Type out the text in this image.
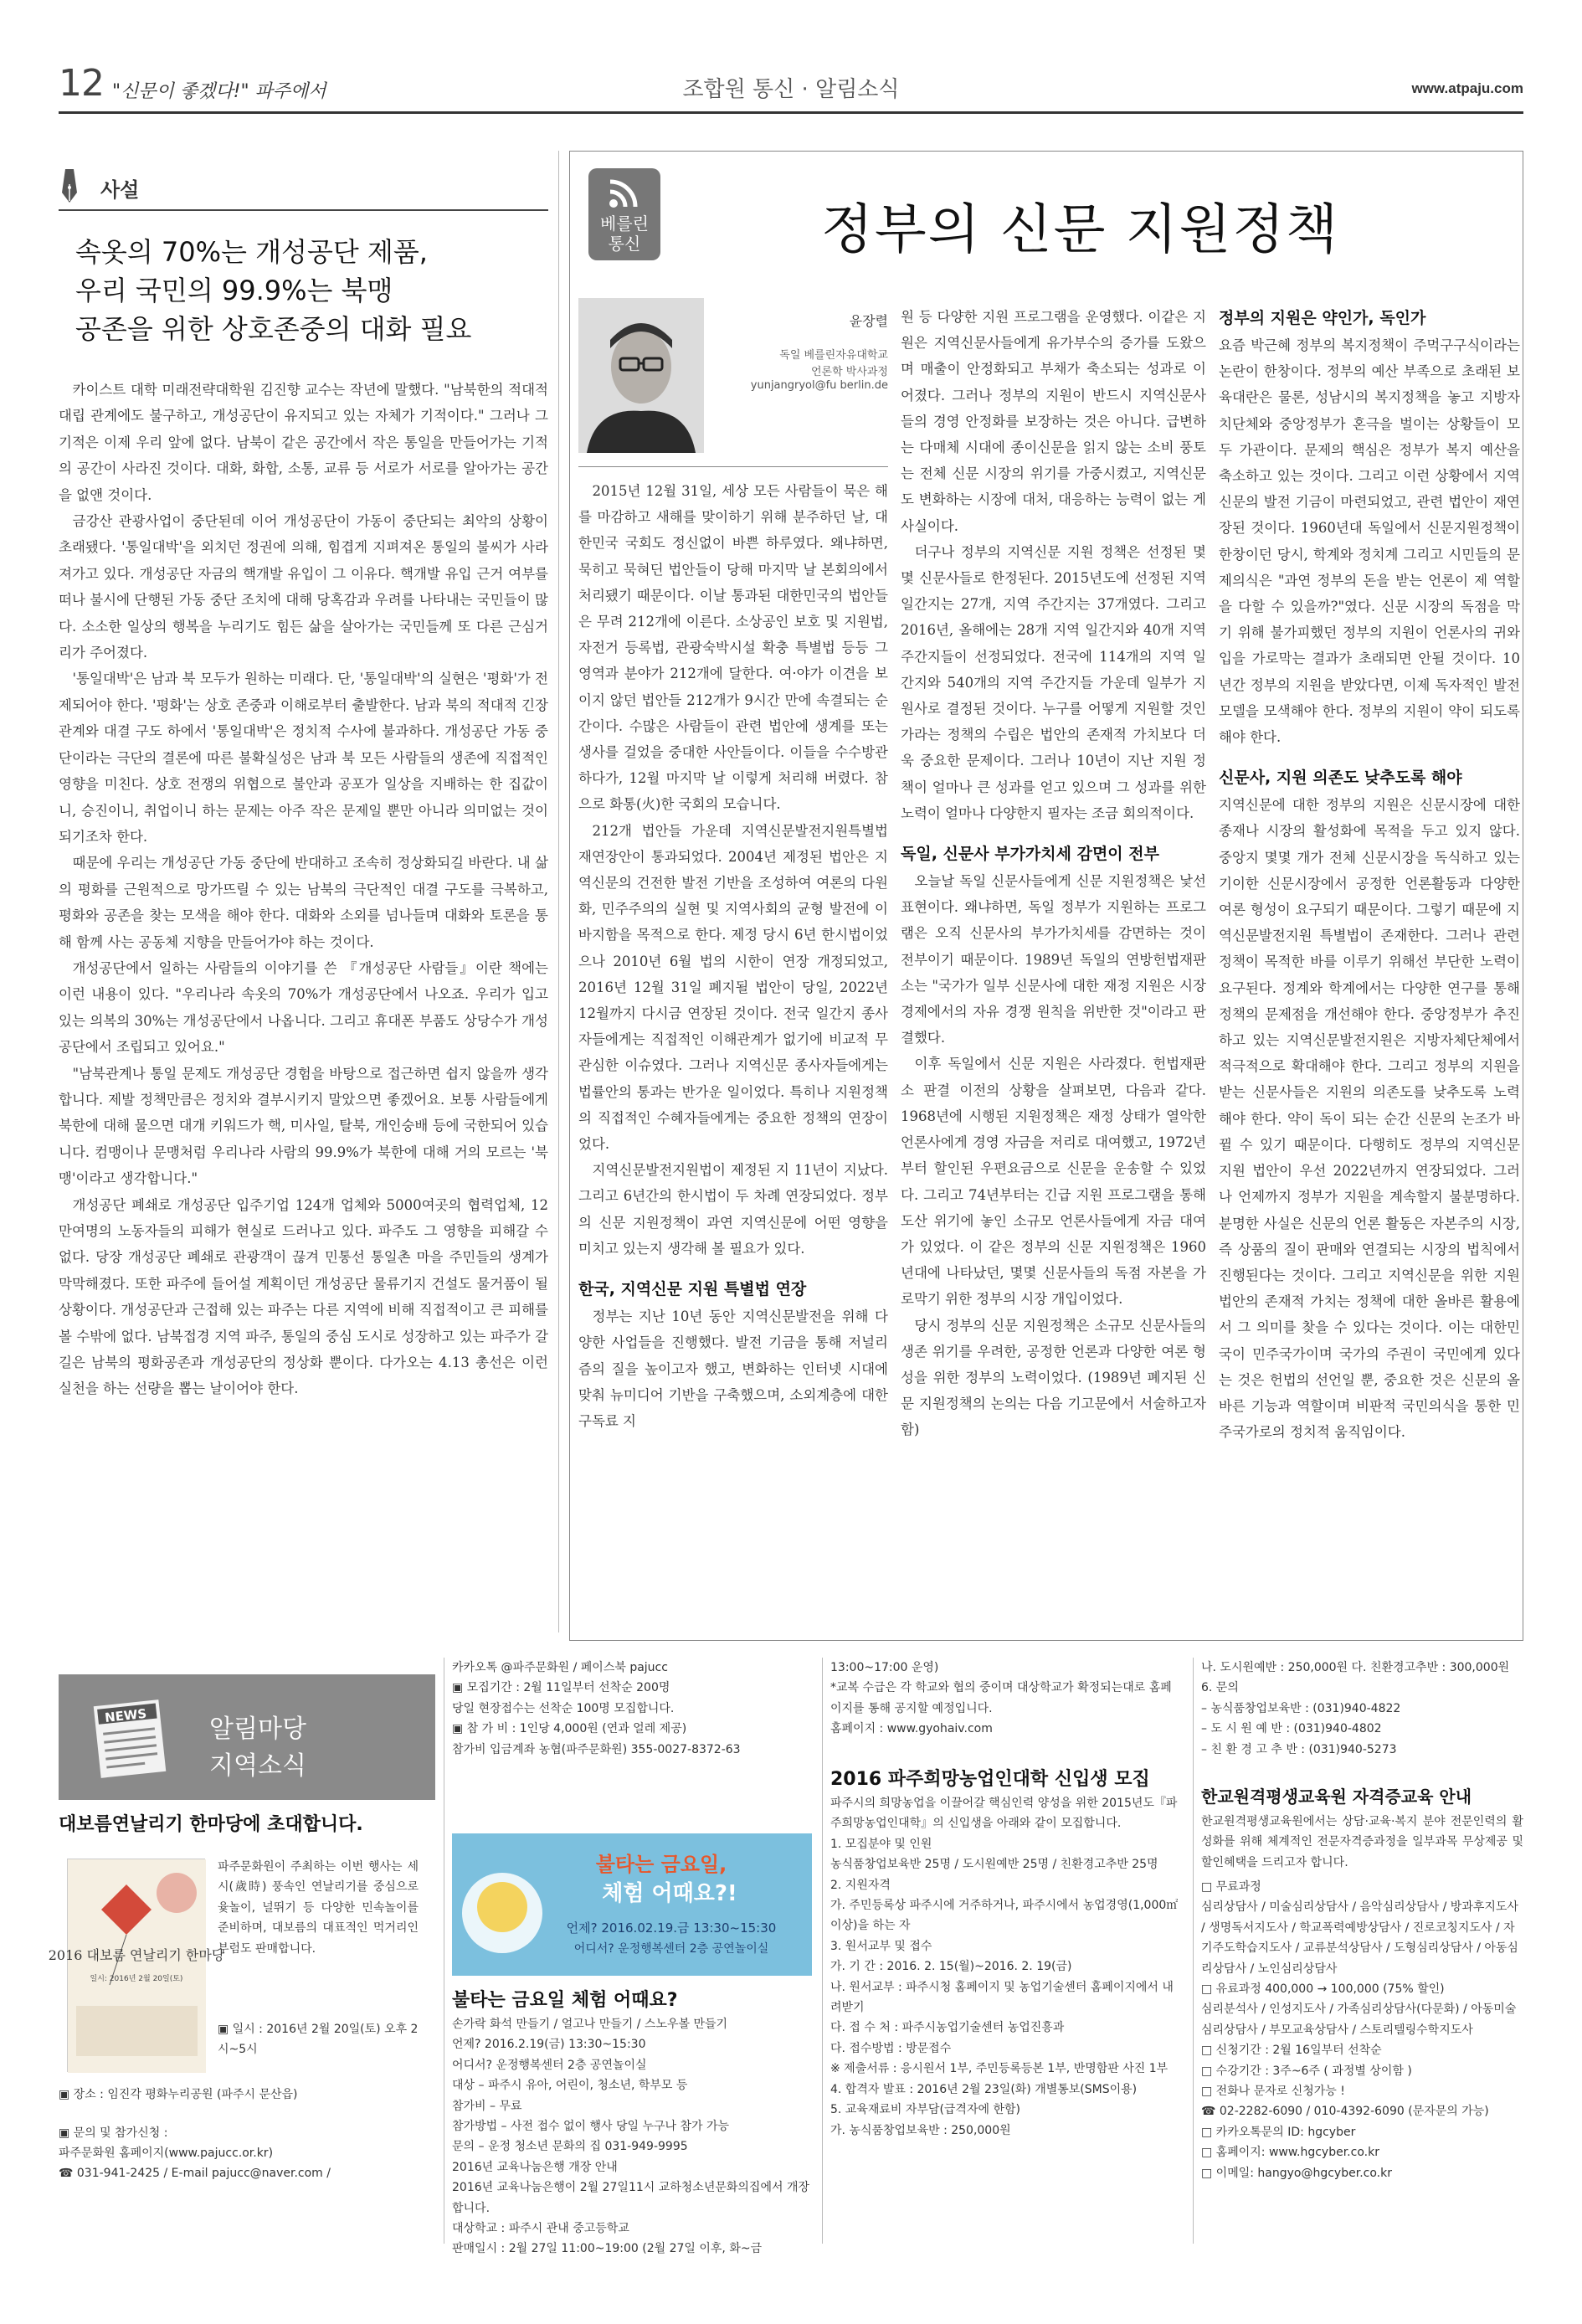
12 "신문이 좋겠다!" 파주에서	조합원 통신 · 알림소식	www.atpaju.com
사설
속옷의 70%는 개성공단 제품,
우리 국민의 99.9%는 북맹
공존을 위한 상호존중의 대화 필요

카이스트 대학 미래전략대학원 김진향 교수는 작년에 말했다. "남북한의 적대적 대립 관계에도 불구하고, 개성공단이 유지되고 있는 자체가 기적이다." 그러나 그 기적은 이제 우리 앞에 없다. 남북이 같은 공간에서 작은 통일을 만들어가는 기적의 공간이 사라진 것이다. 대화, 화합, 소통, 교류 등 서로가 서로를 알아가는 공간을 없앤 것이다.

금강산 관광사업이 중단된데 이어 개성공단이 가동이 중단되는 최악의 상황이 초래됐다. '통일대박'을 외치던 정권에 의해, 힘겹게 지펴져온 통일의 불씨가 사라져가고 있다. 개성공단 자금의 핵개발 유입이 그 이유다. 핵개발 유입 근거 여부를 떠나 불시에 단행된 가동 중단 조치에 대해 당혹감과 우려를 나타내는 국민들이 많다. 소소한 일상의 행복을 누리기도 힘든 삶을 살아가는 국민들께 또 다른 근심거리가 주어졌다.

'통일대박'은 남과 북 모두가 원하는 미래다. 단, '통일대박'의 실현은 '평화'가 전제되어야 한다. '평화'는 상호 존중과 이해로부터 출발한다. 남과 북의 적대적 긴장 관계와 대결 구도 하에서 '통일대박'은 정치적 수사에 불과하다. 개성공단 가동 중단이라는 극단의 결론에 따른 불확실성은 남과 북 모든 사람들의 생존에 직접적인 영향을 미친다. 상호 전쟁의 위협으로 불안과 공포가 일상을 지배하는 한 집값이니, 승진이니, 취업이니 하는 문제는 아주 작은 문제일 뿐만 아니라 의미없는 것이 되기조차 한다.

때문에 우리는 개성공단 가동 중단에 반대하고 조속히 정상화되길 바란다. 내 삶의 평화를 근원적으로 망가뜨릴 수 있는 남북의 극단적인 대결 구도를 극복하고, 평화와 공존을 찾는 모색을 해야 한다. 대화와 소외를 넘나들며 대화와 토론을 통해 함께 사는 공동체 지향을 만들어가야 하는 것이다.

개성공단에서 일하는 사람들의 이야기를 쓴 『개성공단 사람들』이란 책에는 이런 내용이 있다. "우리나라 속옷의 70%가 개성공단에서 나오죠. 우리가 입고 있는 의복의 30%는 개성공단에서 나옵니다. 그리고 휴대폰 부품도 상당수가 개성공단에서 조립되고 있어요."

"남북관계나 통일 문제도 개성공단 경험을 바탕으로 접근하면 쉽지 않을까 생각합니다. 제발 정책만큼은 정치와 결부시키지 말았으면 좋겠어요. 보통 사람들에게 북한에 대해 물으면 대개 키워드가 핵, 미사일, 탈북, 개인숭배 등에 국한되어 있습니다. 컴맹이나 문맹처럼 우리나라 사람의 99.9%가 북한에 대해 거의 모르는 '북맹'이라고 생각합니다."

개성공단 폐쇄로 개성공단 입주기업 124개 업체와 5000여곳의 협력업체, 12만여명의 노동자들의 피해가 현실로 드러나고 있다. 파주도 그 영향을 피해갈 수 없다. 당장 개성공단 폐쇄로 관광객이 끊겨 민통선 통일촌 마을 주민들의 생계가 막막해졌다. 또한 파주에 들어설 계획이던 개성공단 물류기지 건설도 물거품이 될 상황이다. 개성공단과 근접해 있는 파주는 다른 지역에 비해 직접적이고 큰 피해를 볼 수밖에 없다. 남북접경 지역 파주, 통일의 중심 도시로 성장하고 있는 파주가 갈 길은 남북의 평화공존과 개성공단의 정상화 뿐이다. 다가오는 4.13 총선은 이런 실천을 하는 선량을 뽑는 날이어야 한다.

베를린
통신	정부의 신문 지원정책
윤장렬
독일 베를린자유대학교
언론학 박사과정
yunjangryol@fu berlin.de

2015년 12월 31일, 세상 모든 사람들이 묵은 해를 마감하고 새해를 맞이하기 위해 분주하던 날, 대한민국 국회도 정신없이 바쁜 하루였다. 왜냐하면, 묵히고 묵혀딘 법안들이 당해 마지막 날 본회의에서 처리됐기 때문이다. 이날 통과된 대한민국의 법안들은 무려 212개에 이른다. 소상공인 보호 및 지원법, 자전거 등록법, 관광숙박시설 확충 특별법 등등 그 영역과 분야가 212개에 달한다. 여·야가 이견을 보이지 않던 법안들 212개가 9시간 만에 속결되는 순간이다. 수많은 사람들이 관련 법안에 생계를 또는 생사를 걸었을 중대한 사안들이다. 이들을 수수방관하다가, 12월 마지막 날 이렇게 처리해 버렸다. 참으로 화통(火)한 국회의 모습니다.

212개 법안들 가운데 지역신문발전지원특별법 재연장안이 통과되었다. 2004년 제정된 법안은 지역신문의 건전한 발전 기반을 조성하여 여론의 다원화, 민주주의의 실현 및 지역사회의 균형 발전에 이바지함을 목적으로 한다. 제정 당시 6년 한시법이었으나 2010년 6월 법의 시한이 연장 개정되었고, 2016년 12월 31일 폐지될 법안이 당일, 2022년 12월까지 다시금 연장된 것이다. 전국 일간지 종사자들에게는 직접적인 이해관계가 없기에 비교적 무관심한 이슈였다. 그러나 지역신문 종사자들에게는 법률안의 통과는 반가운 일이었다. 특히나 지원정책의 직접적인 수혜자들에게는 중요한 정책의 연장이었다.

지역신문발전지원법이 제정된 지 11년이 지났다. 그리고 6년간의 한시법이 두 차례 연장되었다. 정부의 신문 지원정책이 과연 지역신문에 어떤 영향을 미치고 있는지 생각해 볼 필요가 있다.

한국, 지역신문 지원 특별법 연장

정부는 지난 10년 동안 지역신문발전을 위해 다양한 사업들을 진행했다. 발전 기금을 통해 저널리즘의 질을 높이고자 했고, 변화하는 인터넷 시대에 맞춰 뉴미디어 기반을 구축했으며, 소외계층에 대한 구독료 지

원 등 다양한 지원 프로그램을 운영했다. 이같은 지원은 지역신문사들에게 유가부수의 증가를 도왔으며 매출이 안정화되고 부채가 축소되는 성과로 이어졌다. 그러나 정부의 지원이 반드시 지역신문사들의 경영 안정화를 보장하는 것은 아니다. 급변하는 다매체 시대에 종이신문을 읽지 않는 소비 풍토는 전체 신문 시장의 위기를 가중시켰고, 지역신문도 변화하는 시장에 대처, 대응하는 능력이 없는 게 사실이다.

더구나 정부의 지역신문 지원 정책은 선정된 몇몇 신문사들로 한정된다. 2015년도에 선정된 지역 일간지는 27개, 지역 주간지는 37개였다. 그리고 2016년, 올해에는 28개 지역 일간지와 40개 지역 주간지들이 선정되었다. 전국에 114개의 지역 일간지와 540개의 지역 주간지들 가운데 일부가 지원사로 결정된 것이다. 누구를 어떻게 지원할 것인가라는 정책의 수립은 법안의 존재적 가치보다 더욱 중요한 문제이다. 그러나 10년이 지난 지원 정책이 얼마나 큰 성과를 얻고 있으며 그 성과를 위한 노력이 얼마나 다양한지 필자는 조금 회의적이다.

독일, 신문사 부가가치세 감면이 전부

오늘날 독일 신문사들에게 신문 지원정책은 낯선 표현이다. 왜냐하면, 독일 정부가 지원하는 프로그램은 오직 신문사의 부가가치세를 감면하는 것이 전부이기 때문이다. 1989년 독일의 연방헌법재판소는 "국가가 일부 신문사에 대한 재정 지원은 시장 경제에서의 자유 경쟁 원칙을 위반한 것"이라고 판결했다.

이후 독일에서 신문 지원은 사라졌다. 헌법재판소 판결 이전의 상황을 살펴보면, 다음과 같다. 1968년에 시행된 지원정책은 재정 상태가 열악한 언론사에게 경영 자금을 저리로 대여했고, 1972년부터 할인된 우편요금으로 신문을 운송할 수 있었다. 그리고 74년부터는 긴급 지원 프로그램을 통해 도산 위기에 놓인 소규모 언론사들에게 자금 대여가 있었다. 이 같은 정부의 신문 지원정책은 1960년대에 나타났던, 몇몇 신문사들의 독점 자본을 가로막기 위한 정부의 시장 개입이었다.

당시 정부의 신문 지원정책은 소규모 신문사들의 생존 위기를 우려한, 공정한 언론과 다양한 여론 형성을 위한 정부의 노력이었다. (1989년 폐지된 신문 지원정책의 논의는 다음 기고문에서 서술하고자 함)

정부의 지원은 약인가, 독인가

요즘 박근혜 정부의 복지정책이 주먹구구식이라는 논란이 한창이다. 정부의 예산 부족으로 초래된 보육대란은 물론, 성남시의 복지정책을 놓고 지방자치단체와 중앙정부가 혼극을 벌이는 상황들이 모두 가관이다. 문제의 핵심은 정부가 복지 예산을 축소하고 있는 것이다. 그리고 이런 상황에서 지역신문의 발전 기금이 마련되었고, 관련 법안이 재연장된 것이다. 1960년대 독일에서 신문지원정책이 한창이던 당시, 학계와 정치계 그리고 시민들의 문제의식은 "과연 정부의 돈을 받는 언론이 제 역할을 다할 수 있을까?"였다. 신문 시장의 독점을 막기 위해 불가피했던 정부의 지원이 언론사의 귀와 입을 가로막는 결과가 초래되면 안될 것이다. 10년간 정부의 지원을 받았다면, 이제 독자적인 발전 모델을 모색해야 한다. 정부의 지원이 약이 되도록 해야 한다.

신문사, 지원 의존도 낮추도록 해야

지역신문에 대한 정부의 지원은 신문시장에 대한 종재나 시장의 활성화에 목적을 두고 있지 않다. 중앙지 몇몇 개가 전체 신문시장을 독식하고 있는 기이한 신문시장에서 공정한 언론활동과 다양한 여론 형성이 요구되기 때문이다. 그렇기 때문에 지역신문발전지원 특별법이 존재한다. 그러나 관련 정책이 목적한 바를 이루기 위해선 부단한 노력이 요구된다. 정계와 학계에서는 다양한 연구를 통해 정책의 문제점을 개선해야 한다. 중앙정부가 추진하고 있는 지역신문발전지원은 지방자체단체에서 적극적으로 확대해야 한다. 그리고 정부의 지원을 받는 신문사들은 지원의 의존도를 낮추도록 노력해야 한다. 약이 독이 되는 순간 신문의 논조가 바뀔 수 있기 때문이다. 다행히도 정부의 지역신문 지원 법안이 우선 2022년까지 연장되었다. 그러나 언제까지 정부가 지원을 계속할지 불분명하다. 분명한 사실은 신문의 언론 활동은 자본주의 시장, 즉 상품의 질이 판매와 연결되는 시장의 법칙에서 진행된다는 것이다. 그리고 지역신문을 위한 지원 법안의 존재적 가치는 정책에 대한 올바른 활용에서 그 의미를 찾을 수 있다는 것이다. 이는 대한민국이 민주국가이며 국가의 주권이 국민에게 있다는 것은 헌법의 선언일 뿐, 중요한 것은 신문의 올바른 기능과 역할이며 비판적 국민의식을 통한 민주국가로의 정치적 움직임이다.

NEWS 알림마당
지역소식
대보름연날리기 한마당에 초대합니다.
2016 대보름 연날리기 한마당
일시: 2016년 2월 20일(토)
파주문화원이 주최하는 이번 행사는 세시(歲時) 풍속인 연날리기를 중심으로 윷놀이, 널뛰기 등 다양한 민속놀이를 준비하며, 대보름의 대표적인 먹거리인 부럼도 판매합니다.
▣ 일시 : 2016년 2월 20일(토) 오후 2시~5시
▣ 장소 : 임진각 평화누리공원 (파주시 문산읍)
▣ 문의 및 참가신청 :
파주문화원 홈페이지(www.pajucc.or.kr)
☎ 031-941-2425 / E-mail pajucc@naver.com /
카카오톡 @파주문화원 / 페이스북 pajucc
▣ 모집기간 : 2월 11일부터 선착순 200명
당일 현장접수는 선착순 100명 모집합니다.
▣ 참 가 비 : 1인당 4,000원 (연과 얼레 제공)
참가비 입금계좌 농협(파주문화원) 355-0027-8372-63
불타는 금요일,
체험 어때요?!
언제? 2016.02.19.금 13:30~15:30
어디서? 운정행복센터 2층 공연놀이실
불타는 금요일 체험 어때요?
손가락 화석 만들기 / 얼고나 만들기 / 스노우볼 만들기
언제? 2016.2.19(금) 13:30~15:30
어디서? 운정행복센터 2층 공연놀이실
대상 – 파주시 유아, 어린이, 청소년, 학부모 등
참가비 – 무료
참가방법 – 사전 접수 없이 행사 당일 누구나 참가 가능
문의 – 운정 청소년 문화의 집 031-949-9995
2016년 교육나눔은행 개장 안내
2016년 교육나눔은행이 2월 27일11시 교하청소년문화의집에서 개장합니다.
대상학교 : 파주시 관내 중고등학교
판매일시 : 2월 27일 11:00~19:00 (2월 27일 이후, 화~금
13:00~17:00 운영)
*교복 수급은 각 학교와 협의 중이며 대상학교가 확정되는대로 홈페이지를 통해 공지할 예정입니다.
홈페이지 : www.gyohaiv.com
2016 파주희망농업인대학 신입생 모집
파주시의 희망농업을 이끌어갈 핵심인력 양성을 위한 2015년도『파주희망농업인대학』의 신입생을 아래와 같이 모집합니다.
1. 모집분야 및 인원
농식품창업보육반 25명 / 도시원예반 25명 / 친환경고추반 25명
2. 지원자격
가. 주민등록상 파주시에 거주하거나, 파주시에서 농업경영(1,000㎡이상)을 하는 자
3. 원서교부 및 접수
가. 기 간 : 2016. 2. 15(월)~2016. 2. 19(금)
나. 원서교부 : 파주시청 홈페이지 및 농업기술센터 홈페이지에서 내려받기
다. 접 수 처 : 파주시농업기술센터 농업진흥과
다. 접수방법 : 방문접수
※ 제출서류 : 응시원서 1부, 주민등록등본 1부, 반명함판 사진 1부
4. 합격자 발표 : 2016년 2월 23일(화) 개별통보(SMS이용)
5. 교육재료비 자부담(급격자에 한함)
가. 농식품창업보육반 : 250,000원
나. 도시원예반 : 250,000원 다. 친환경고추반 : 300,000원
6. 문의
– 농식품창업보육반 : (031)940-4822
– 도 시 원 예 반 : (031)940-4802
– 친 환 경 고 추 반 : (031)940-5273
한교원격평생교육원 자격증교육 안내
한교원격평생교육원에서는 상담·교육·복지 분야 전문인력의 활성화를 위해 체계적인 전문자격증과정을 일부과목 무상제공 및 할인혜택을 드리고자 합니다.
□ 무료과정
심리상담사 / 미술심리상담사 / 음악심리상담사 / 방과후지도사 / 생명독서지도사 / 학교폭력예방상담사 / 진로코칭지도사 / 자기주도학습지도사 / 교류분석상담사 / 도형심리상담사 / 아동심리상담사 / 노인심리상담사
□ 유료과정 400,000 → 100,000 (75% 할인)
심리분석사 / 인성지도사 / 가족심리상담사(다문화) / 아동미술심리상담사 / 부모교육상담사 / 스토리텔링수학지도사
□ 신청기간 : 2월 16일부터 선착순
□ 수강기간 : 3주~6주 ( 과정별 상이함 )
□ 전화나 문자로 신청가능 !
☎ 02-2282-6090 / 010-4392-6090 (문자문의 가능)
□ 카카오톡문의 ID: hgcyber
□ 홈페이지: www.hgcyber.co.kr
□ 이메일: hangyo@hgcyber.co.kr
